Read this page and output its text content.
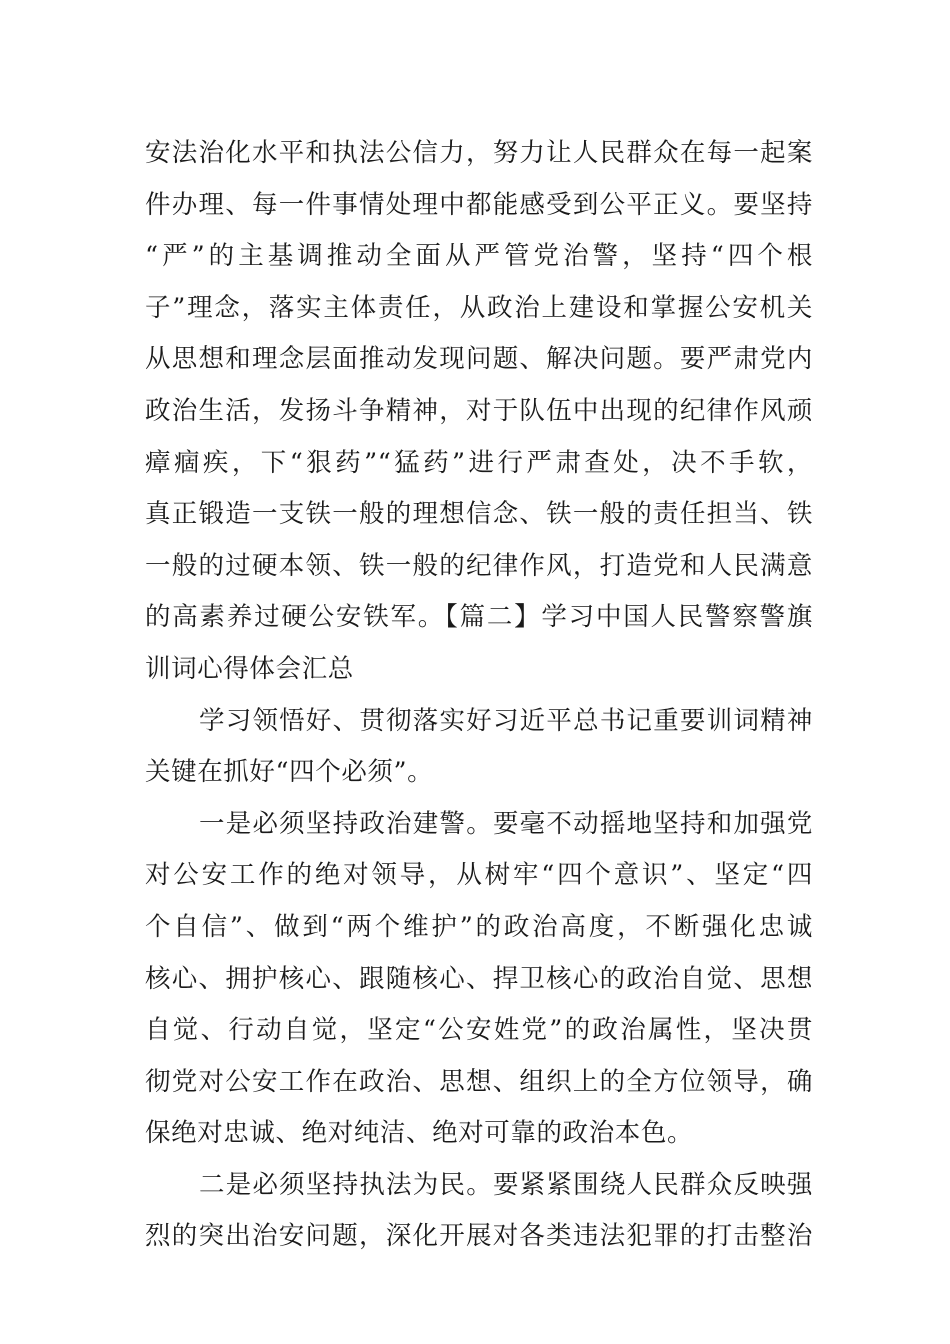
安法治化水平和执法公信力，努力让人民群众在每一起案
件办理、每一件事情处理中都能感受到公平正义。要坚持
“严”的主基调推动全面从严管党治警，坚持“四个根
子”理念，落实主体责任，从政治上建设和掌握公安机关
从思想和理念层面推动发现问题、解决问题。要严肃党内
政治生活，发扬斗争精神，对于队伍中出现的纪律作风顽
瘴痼疾，下“狠药”“猛药”进行严肃查处，决不手软，
真正锻造一支铁一般的理想信念、铁一般的责任担当、铁
一般的过硬本领、铁一般的纪律作风，打造党和人民满意
的高素养过硬公安铁军。【篇二】学习中国人民警察警旗
训词心得体会汇总
学习领悟好、贯彻落实好习近平总书记重要训词精神
关键在抓好“四个必须”。
一是必须坚持政治建警。要毫不动摇地坚持和加强党
对公安工作的绝对领导，从树牢“四个意识”、坚定“四
个自信”、做到“两个维护”的政治高度，不断强化忠诚
核心、拥护核心、跟随核心、捍卫核心的政治自觉、思想
自觉、行动自觉，坚定“公安姓党”的政治属性，坚决贯
彻党对公安工作在政治、思想、组织上的全方位领导，确
保绝对忠诚、绝对纯洁、绝对可靠的政治本色。
二是必须坚持执法为民。要紧紧围绕人民群众反映强
烈的突出治安问题，深化开展对各类违法犯罪的打击整治
